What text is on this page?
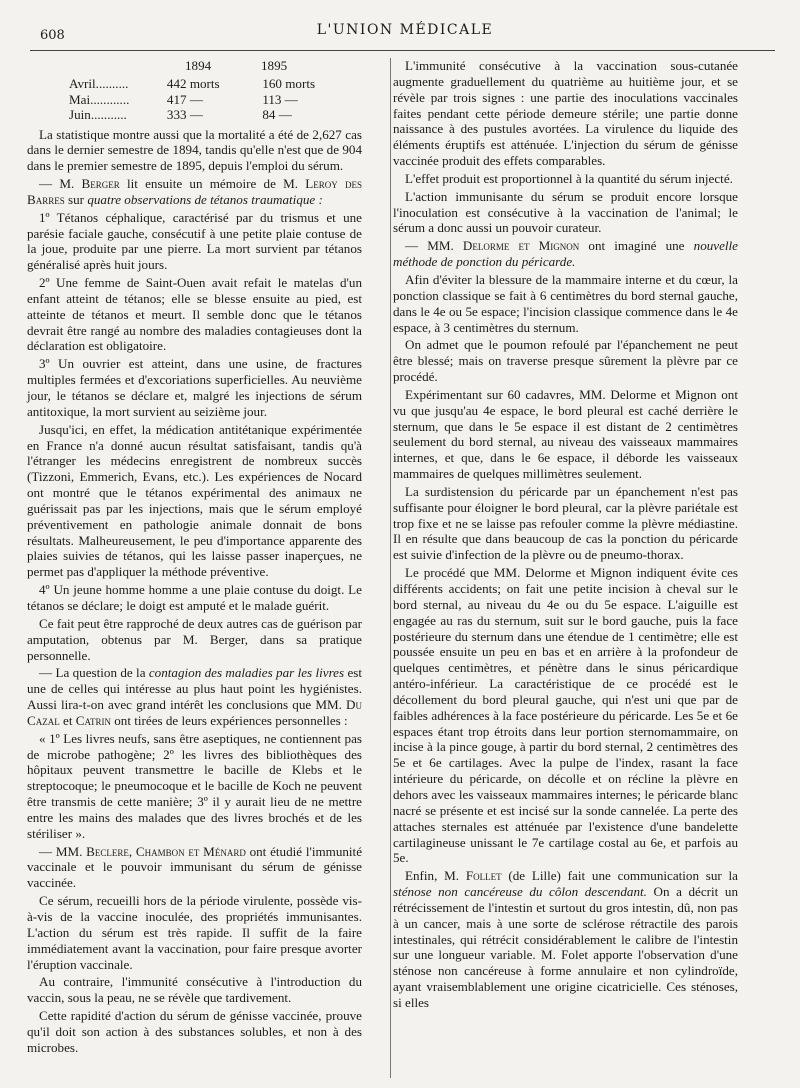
608	L'UNION MÉDICALE
1894	1895
Avril..........	442 morts	160 morts
Mai............	417 —	113 —
Juin...........	333 —	84 —

La statistique montre aussi que la mortalité a été de 2,627 cas dans le dernier semestre de 1894, tandis qu'elle n'est que de 904 dans le premier semestre de 1895, depuis l'emploi du sérum.

— M. Berger lit ensuite un mémoire de M. Leroy des Barres sur quatre observations de tétanos traumatique :

1º Tétanos céphalique, caractérisé par du trismus et une parésie faciale gauche, consécutif à une petite plaie contuse de la joue, produite par une pierre. La mort survient par tétanos généralisé après huit jours.

2º Une femme de Saint-Ouen avait refait le matelas d'un enfant atteint de tétanos; elle se blesse ensuite au pied, est atteinte de tétanos et meurt. Il semble donc que le tétanos devrait être rangé au nombre des maladies contagieuses dont la déclaration est obligatoire.

3º Un ouvrier est atteint, dans une usine, de fractures multiples fermées et d'excoriations superficielles. Au neuvième jour, le tétanos se déclare et, malgré les injections de sérum antitoxique, la mort survient au seizième jour.

Jusqu'ici, en effet, la médication antitétanique expérimentée en France n'a donné aucun résultat satisfaisant, tandis qu'à l'étranger les médecins enregistrent de nombreux succès (Tizzoni, Emmerich, Evans, etc.). Les expériences de Nocard ont montré que le tétanos expérimental des animaux ne guérissait pas par les injections, mais que le sérum employé préventivement en pathologie animale donnait de bons résultats. Malheureusement, le peu d'importance apparente des plaies suivies de tétanos, qui les laisse passer inaperçues, ne permet pas d'appliquer la méthode préventive.

4º Un jeune homme homme a une plaie contuse du doigt. Le tétanos se déclare; le doigt est amputé et le malade guérit.

Ce fait peut être rapproché de deux autres cas de guérison par amputation, obtenus par M. Berger, dans sa pratique personnelle.

— La question de la contagion des maladies par les livres est une de celles qui intéresse au plus haut point les hygiénistes. Aussi lira-t-on avec grand intérêt les conclusions que MM. Du Cazal et Catrin ont tirées de leurs expériences personnelles :

« 1º Les livres neufs, sans être aseptiques, ne contiennent pas de microbe pathogène; 2º les livres des bibliothèques des hôpitaux peuvent transmettre le bacille de Klebs et le streptocoque; le pneumocoque et le bacille de Koch ne peuvent être transmis de cette manière; 3º il y aurait lieu de ne mettre entre les mains des malades que des livres brochés et de les stériliser ».

— MM. Beclere, Chambon et Ménard ont étudié l'immunité vaccinale et le pouvoir immunisant du sérum de génisse vaccinée.

Ce sérum, recueilli hors de la période virulente, possède vis-à-vis de la vaccine inoculée, des propriétés immunisantes. L'action du sérum est très rapide. Il suffit de la faire immédiatement avant la vaccination, pour faire presque avorter l'éruption vaccinale.

Au contraire, l'immunité consécutive à l'introduction du vaccin, sous la peau, ne se révèle que tardivement.

Cette rapidité d'action du sérum de génisse vaccinée, prouve qu'il doit son action à des substances solubles, et non à des microbes.

L'immunité consécutive à la vaccination sous-cutanée augmente graduellement du quatrième au huitième jour, et se révèle par trois signes : une partie des inoculations vaccinales faites pendant cette période demeure stérile; une partie donne naissance à des pustules avortées. La virulence du liquide des éléments éruptifs est atténuée. L'injection du sérum de génisse vaccinée produit des effets comparables.

L'effet produit est proportionnel à la quantité du sérum injecté.

L'action immunisante du sérum se produit encore lorsque l'inoculation est consécutive à la vaccination de l'animal; le sérum a donc aussi un pouvoir curateur.

— MM. Delorme et Mignon ont imaginé une nouvelle méthode de ponction du péricarde.

Afin d'éviter la blessure de la mammaire interne et du cœur, la ponction classique se fait à 6 centimètres du bord sternal gauche, dans le 4e ou 5e espace; l'incision classique commence dans le 4e espace, à 3 centimètres du sternum.

On admet que le poumon refoulé par l'épanchement ne peut être blessé; mais on traverse presque sûrement la plèvre par ce procédé.

Expérimentant sur 60 cadavres, MM. Delorme et Mignon ont vu que jusqu'au 4e espace, le bord pleural est caché derrière le sternum, que dans le 5e espace il est distant de 2 centimètres seulement du bord sternal, au niveau des vaisseaux mammaires internes, et que, dans le 6e espace, il déborde les vaisseaux mammaires de quelques millimètres seulement.

La surdistension du péricarde par un épanchement n'est pas suffisante pour éloigner le bord pleural, car la plèvre pariétale est trop fixe et ne se laisse pas refouler comme la plèvre médiastine. Il en résulte que dans beaucoup de cas la ponction du péricarde est suivie d'infection de la plèvre ou de pneumo-thorax.

Le procédé que MM. Delorme et Mignon indiquent évite ces différents accidents; on fait une petite incision à cheval sur le bord sternal, au niveau du 4e ou du 5e espace. L'aiguille est engagée au ras du sternum, suit sur le bord gauche, puis la face postérieure du sternum dans une étendue de 1 centimètre; elle est poussée ensuite un peu en bas et en arrière à la profondeur de quelques centimètres, et pénètre dans le sinus péricardique antéro-inférieur. La caractéristique de ce procédé est le décollement du bord pleural gauche, qui n'est uni que par de faibles adhérences à la face postérieure du péricarde. Les 5e et 6e espaces étant trop étroits dans leur portion sternomammaire, on incise à la pince gouge, à partir du bord sternal, 2 centimètres des 5e et 6e cartilages. Avec la pulpe de l'index, rasant la face intérieure du péricarde, on décolle et on récline la plèvre en dehors avec les vaisseaux mammaires internes; le péricarde blanc nacré se présente et est incisé sur la sonde cannelée. La perte des attaches sternales est atténuée par l'existence d'une bandelette cartilagineuse unissant le 7e cartilage costal au 6e, et parfois au 5e.

Enfin, M. Follet (de Lille) fait une communication sur la sténose non cancéreuse du côlon descendant. On a décrit un rétrécissement de l'intestin et surtout du gros intestin, dû, non pas à un cancer, mais à une sorte de sclérose rétractile des parois intestinales, qui rétrécit considérablement le calibre de l'intestin sur une longueur variable. M. Folet apporte l'observation d'une sténose non cancéreuse à forme annulaire et non cylindroïde, ayant vraisemblablement une origine cicatricielle. Ces sténoses, si elles
